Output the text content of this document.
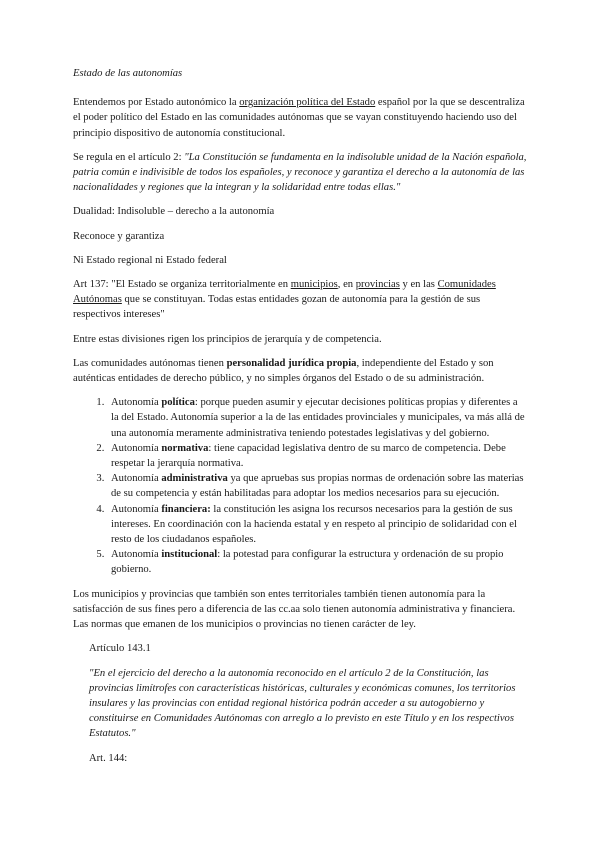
Estado de las autonomías

Entendemos por Estado autonómico la organización política del Estado español por la que se descentraliza el poder político del Estado en las comunidades autónomas que se vayan constituyendo haciendo uso del principio dispositivo de autonomía constitucional.

Se regula en el artículo 2: "La Constitución se fundamenta en la indisoluble unidad de la Nación española, patria común e indivisible de todos los españoles, y reconoce y garantiza el derecho a la autonomía de las nacionalidades y regiones que la integran y la solidaridad entre todas ellas."

Dualidad: Indisoluble – derecho a la autonomía

Reconoce y garantiza

Ni Estado regional ni Estado federal

Art 137: "El Estado se organiza territorialmente en municipios, en provincias y en las Comunidades Autónomas que se constituyan. Todas estas entidades gozan de autonomía para la gestión de sus respectivos intereses"

Entre estas divisiones rigen los principios de jerarquía y de competencia.

Las comunidades autónomas tienen personalidad jurídica propia, independiente del Estado y son auténticas entidades de derecho público, y no simples órganos del Estado o de su administración.

1. Autonomía política: porque pueden asumir y ejecutar decisiones políticas propias y diferentes a la del Estado. Autonomía superior a la de las entidades provinciales y municipales, va más allá de una autonomía meramente administrativa teniendo potestades legislativas y del gobierno.
2. Autonomía normativa: tiene capacidad legislativa dentro de su marco de competencia. Debe respetar la jerarquía normativa.
3. Autonomía administrativa ya que apruebas sus propias normas de ordenación sobre las materias de su competencia y están habilitadas para adoptar los medios necesarios para su ejecución.
4. Autonomía financiera: la constitución les asigna los recursos necesarios para la gestión de sus intereses. En coordinación con la hacienda estatal y en respeto al principio de solidaridad con el resto de los ciudadanos españoles.
5. Autonomía institucional: la potestad para configurar la estructura y ordenación de su propio gobierno.

Los municipios y provincias que también son entes territoriales también tienen autonomía para la satisfacción de sus fines pero a diferencia de las cc.aa solo tienen autonomía administrativa y financiera. Las normas que emanen de los municipios o provincias no tienen carácter de ley.

Artículo 143.1

"En el ejercicio del derecho a la autonomía reconocido en el artículo 2 de la Constitución, las provincias limítrofes con características históricas, culturales y económicas comunes, los territorios insulares y las provincias con entidad regional histórica podrán acceder a su autogobierno y constituirse en Comunidades Autónomas con arreglo a lo previsto en este Título y en los respectivos Estatutos."

Art. 144:
